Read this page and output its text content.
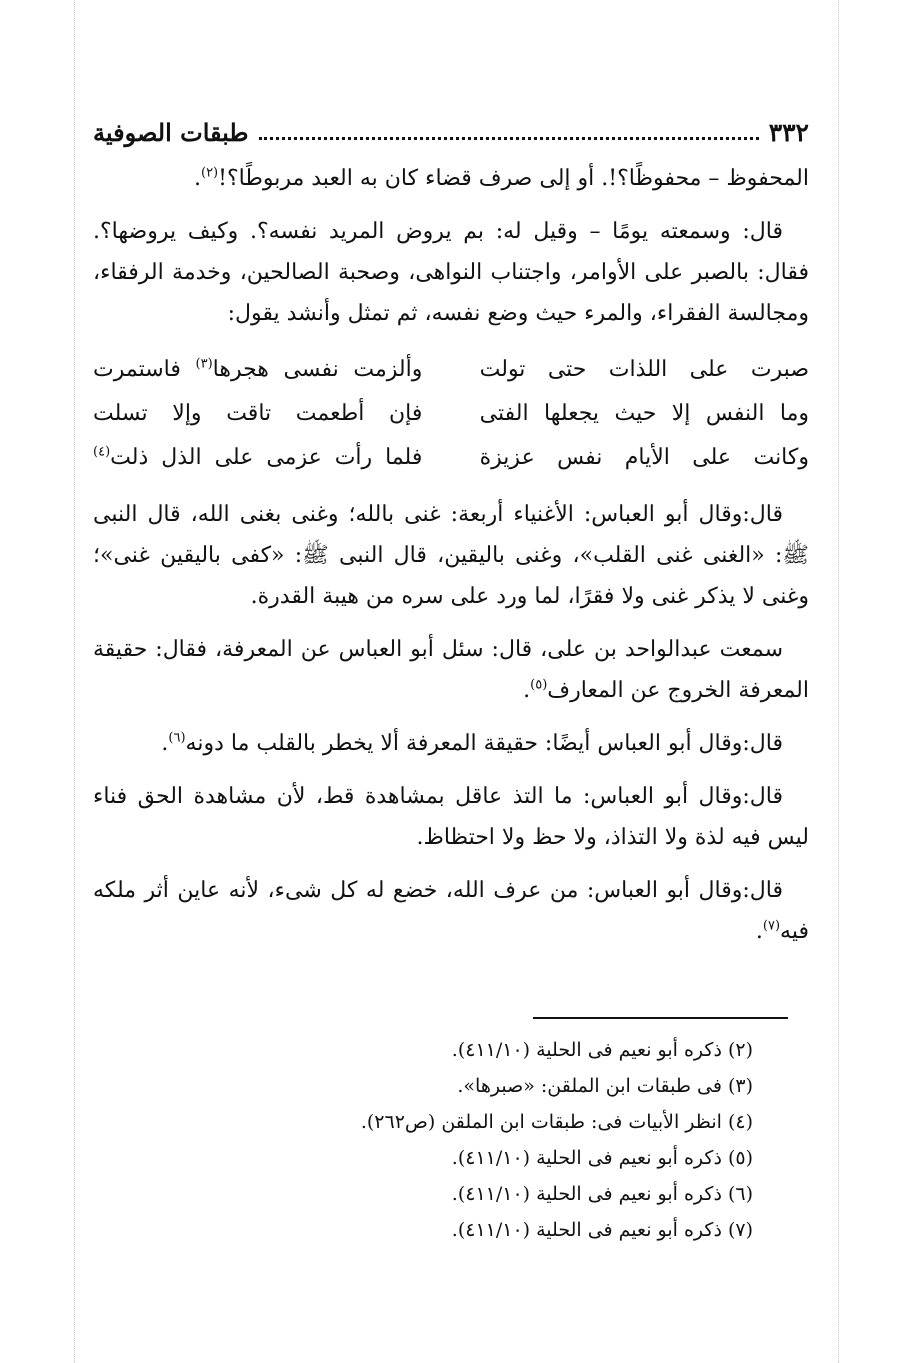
٣٣٢
طبقات الصوفية

المحفوظ – محفوظًا؟!. أو إلى صرف قضاء كان به العبد مربوطًا؟!$^{(٢)}$.

قال: وسمعته يومًا – وقيل له: بم يروض المريد نفسه؟. وكيف يروضها؟. فقال: بالصبر على الأوامر، واجتناب النواهى، وصحبة الصالحين، وخدمة الرفقاء، ومجالسة الفقراء، والمرء حيث وضع نفسه، ثم تمثل وأنشد يقول:

صبرت على اللذات حتى تولت
وألزمت نفسى هجرها$^{(٣)}$ فاستمرت
وما النفس إلا حيث يجعلها الفتى
فإن أطعمت تاقت وإلا تسلت
وكانت على الأيام نفس عزيزة
فلما رأت عزمى على الذل ذلت$^{(٤)}$

قال:وقال أبو العباس: الأغنياء أربعة: غنى بالله؛ وغنى بغنى الله، قال النبى ﷺ: «الغنى غنى القلب»، وغنى باليقين، قال النبى ﷺ: «كفى باليقين غنى»؛ وغنى لا يذكر غنى ولا فقرًا، لما ورد على سره من هيبة القدرة.

سمعت عبدالواحد بن على، قال: سئل أبو العباس عن المعرفة، فقال: حقيقة المعرفة الخروج عن المعارف$^{(٥)}$.

قال:وقال أبو العباس أيضًا: حقيقة المعرفة ألا يخطر بالقلب ما دونه$^{(٦)}$.

قال:وقال أبو العباس: ما التذ عاقل بمشاهدة قط، لأن مشاهدة الحق فناء ليس فيه لذة ولا التذاذ، ولا حظ ولا احتظاظ.

قال:وقال أبو العباس: من عرف الله، خضع له كل شىء، لأنه عاين أثر ملكه فيه$^{(٧)}$.

(٢) ذكره أبو نعيم فى الحلية (٤١١/١٠).
(٣) فى طبقات ابن الملقن: «صبرها».
(٤) انظر الأبيات فى: طبقات ابن الملقن (ص٢٦٢).
(٥) ذكره أبو نعيم فى الحلية (٤١١/١٠).
(٦) ذكره أبو نعيم فى الحلية (٤١١/١٠).
(٧) ذكره أبو نعيم فى الحلية (٤١١/١٠).
